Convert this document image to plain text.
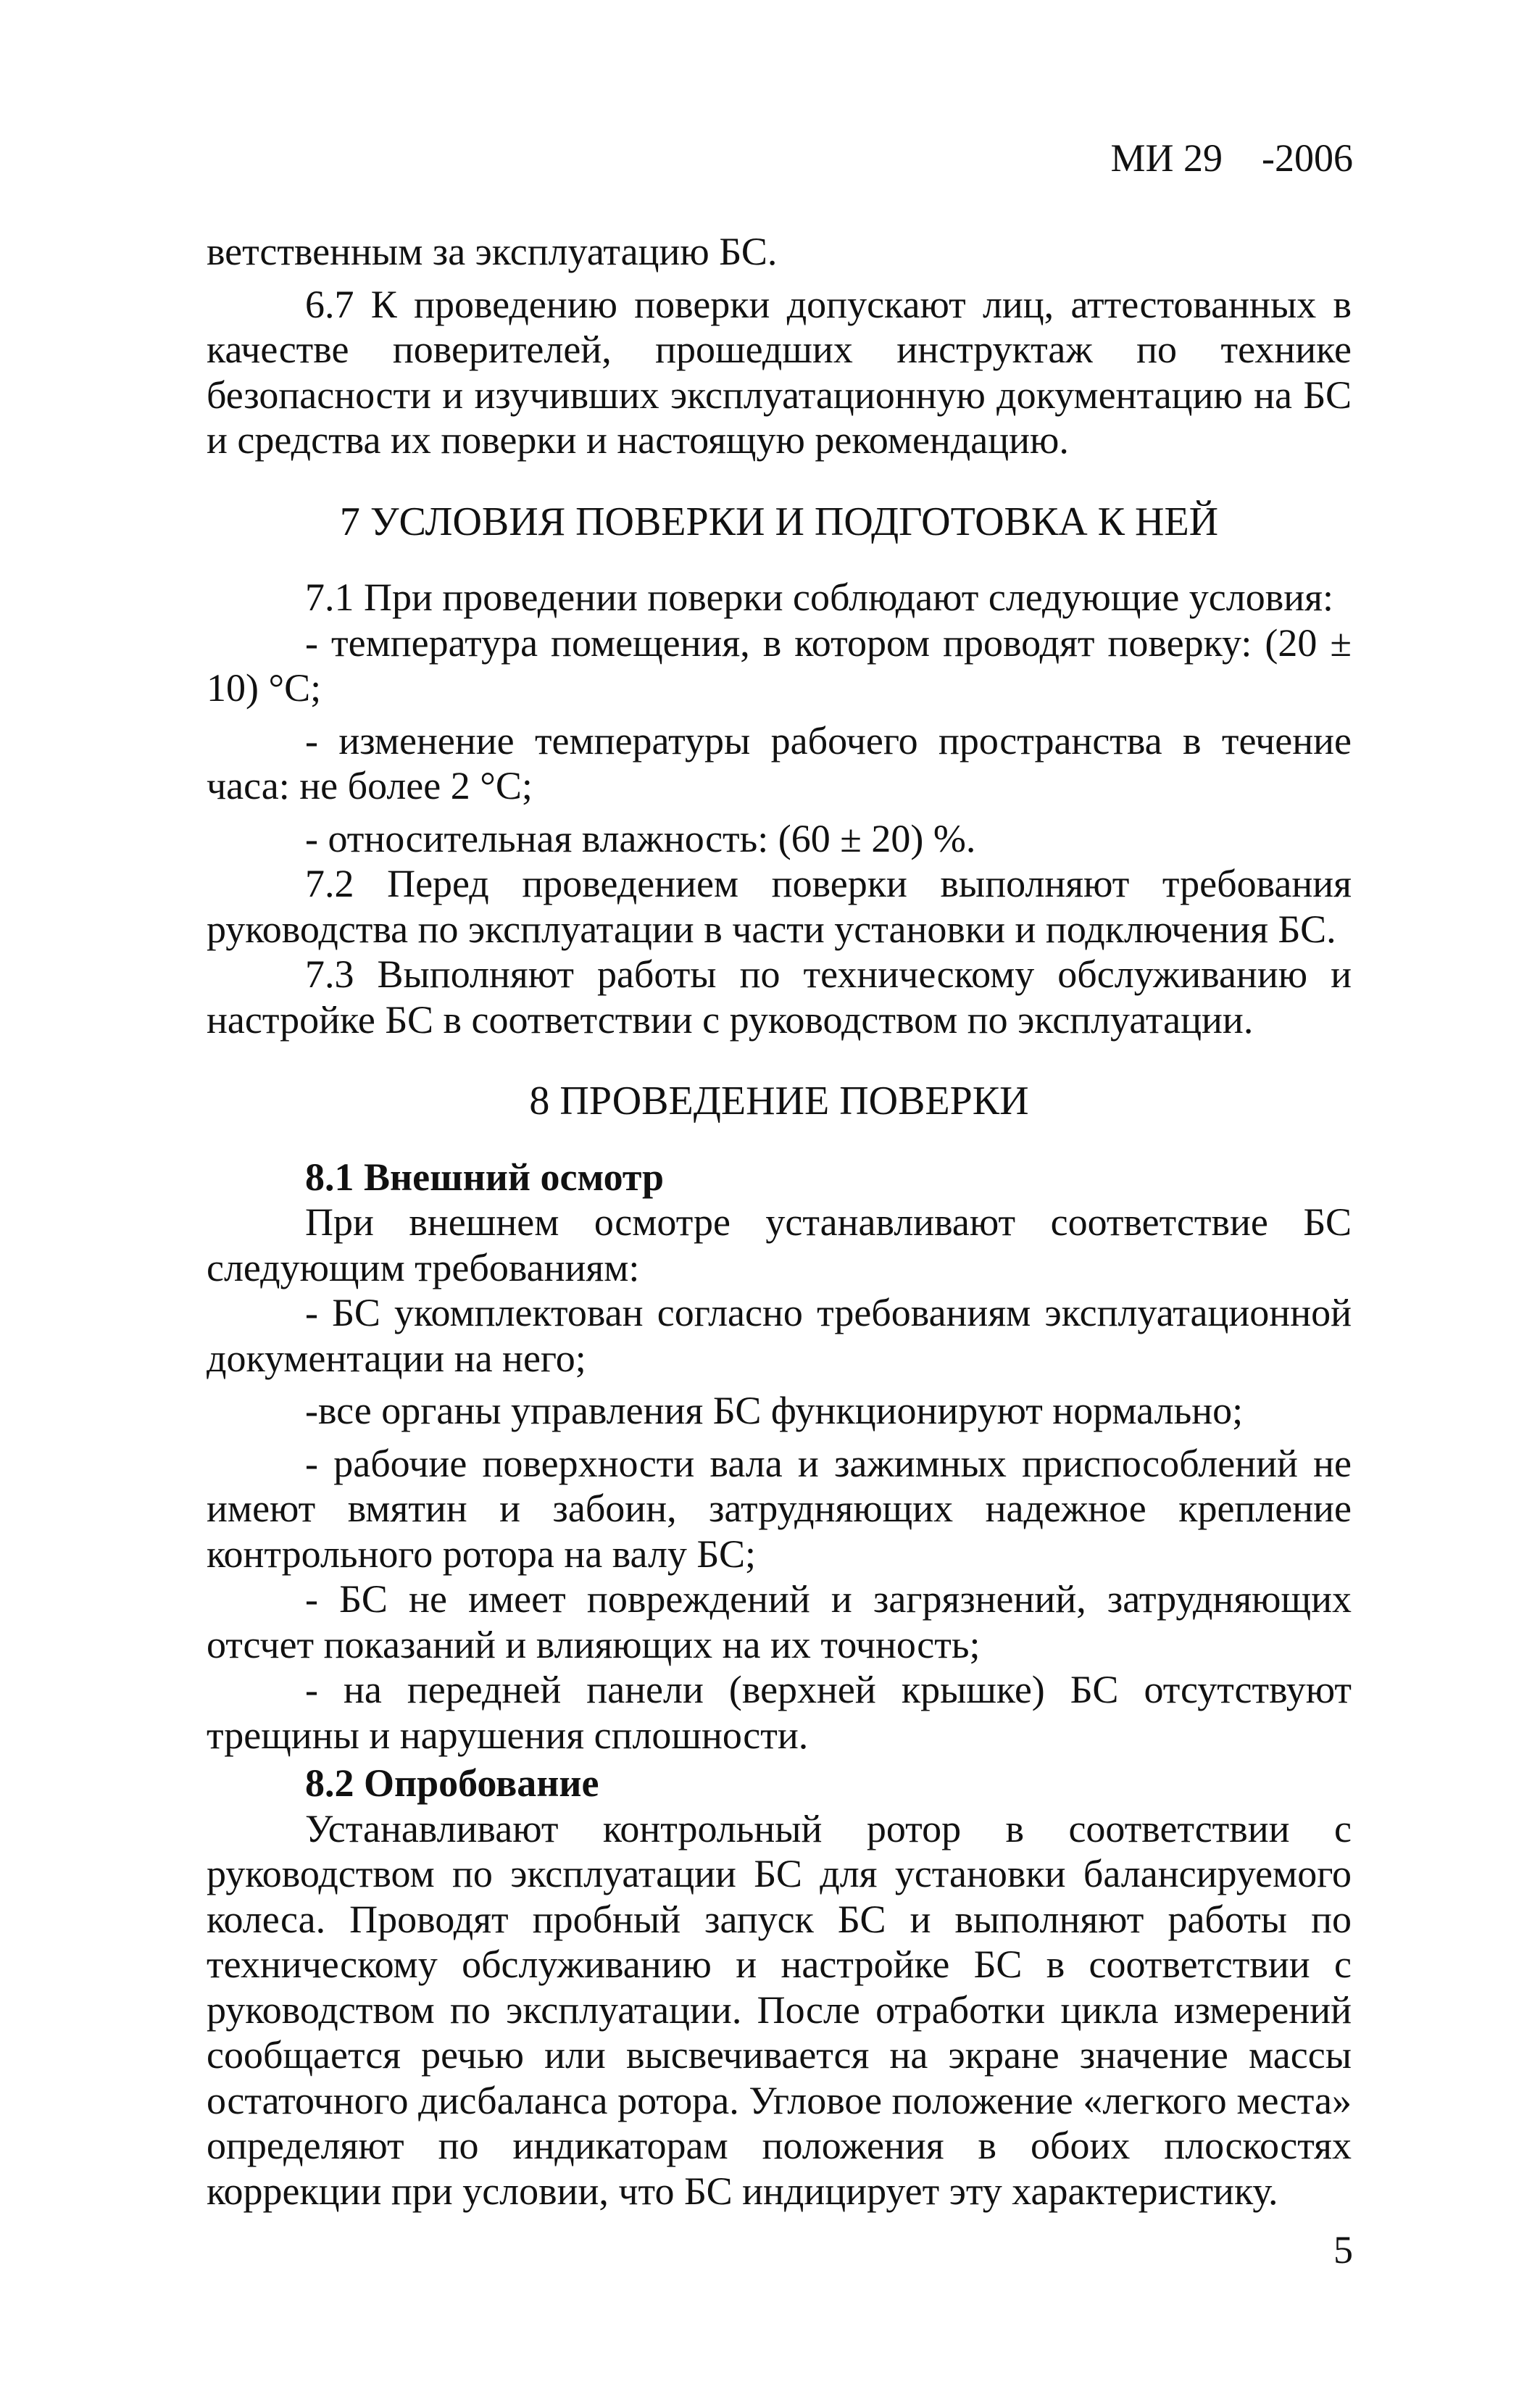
МИ 29    -2006

ветственным за эксплуатацию БС.

6.7 К проведению поверки допускают лиц, аттестованных в качестве поверителей, прошедших инструктаж по технике безопасности и изучивших эксплуатационную документацию на БС и средства их поверки и настоящую рекомендацию.

7 УСЛОВИЯ ПОВЕРКИ И ПОДГОТОВКА К НЕЙ

7.1 При проведении поверки соблюдают следующие условия:

- температура помещения, в котором проводят поверку: (20 ± 10) °С;

- изменение температуры рабочего пространства в течение часа: не более 2 °С;

- относительная влажность: (60 ± 20) %.

7.2 Перед проведением поверки выполняют требования руководства по эксплуатации в части установки и подключения БС.

7.3 Выполняют работы по техническому обслуживанию и настройке БС в соответствии с руководством по эксплуатации.

8 ПРОВЕДЕНИЕ ПОВЕРКИ

8.1 Внешний осмотр

При внешнем осмотре устанавливают соответствие БС следующим требованиям:

- БС укомплектован согласно требованиям эксплуатационной документации на него;

-все органы управления БС функционируют нормально;

- рабочие поверхности вала и зажимных приспособлений не имеют вмятин и забоин, затрудняющих надежное крепление контрольного ротора на валу БС;

- БС не имеет повреждений и загрязнений, затрудняющих отсчет показаний и влияющих на их точность;

- на передней панели (верхней крышке) БС отсутствуют трещины и нарушения сплошности.

8.2 Опробование

Устанавливают контрольный ротор в соответствии с руководством по эксплуатации БС для установки балансируемого колеса. Проводят пробный запуск БС и выполняют работы по техническому обслуживанию и настройке БС в соответствии с руководством по эксплуатации. После отработки цикла измерений сообщается речью или высвечивается на экране значение массы остаточного дисбаланса ротора. Угловое положение «легкого места» определяют по индикаторам положения в обоих плоскостях коррекции при условии, что БС индицирует эту характеристику.

5
